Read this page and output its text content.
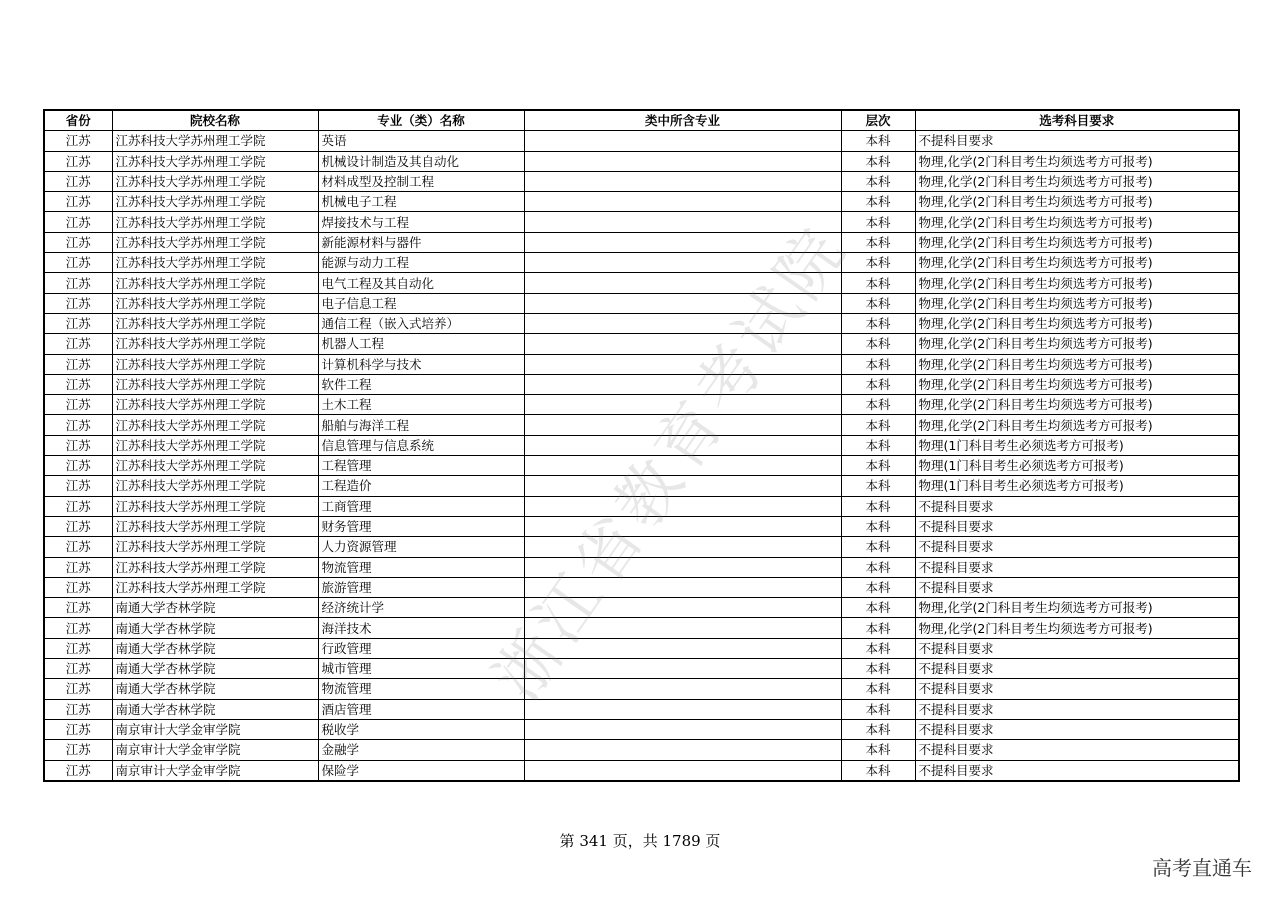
省份	院校名称	专业（类）名称	类中所含专业	层次	选考科目要求
江苏	江苏科技大学苏州理工学院	英语		本科	不提科目要求
江苏	江苏科技大学苏州理工学院	机械设计制造及其自动化		本科	物理,化学(2门科目考生均须选考方可报考)
江苏	江苏科技大学苏州理工学院	材料成型及控制工程		本科	物理,化学(2门科目考生均须选考方可报考)
江苏	江苏科技大学苏州理工学院	机械电子工程		本科	物理,化学(2门科目考生均须选考方可报考)
江苏	江苏科技大学苏州理工学院	焊接技术与工程		本科	物理,化学(2门科目考生均须选考方可报考)
江苏	江苏科技大学苏州理工学院	新能源材料与器件		本科	物理,化学(2门科目考生均须选考方可报考)
江苏	江苏科技大学苏州理工学院	能源与动力工程		本科	物理,化学(2门科目考生均须选考方可报考)
江苏	江苏科技大学苏州理工学院	电气工程及其自动化		本科	物理,化学(2门科目考生均须选考方可报考)
江苏	江苏科技大学苏州理工学院	电子信息工程		本科	物理,化学(2门科目考生均须选考方可报考)
江苏	江苏科技大学苏州理工学院	通信工程（嵌入式培养）		本科	物理,化学(2门科目考生均须选考方可报考)
江苏	江苏科技大学苏州理工学院	机器人工程		本科	物理,化学(2门科目考生均须选考方可报考)
江苏	江苏科技大学苏州理工学院	计算机科学与技术		本科	物理,化学(2门科目考生均须选考方可报考)
江苏	江苏科技大学苏州理工学院	软件工程		本科	物理,化学(2门科目考生均须选考方可报考)
江苏	江苏科技大学苏州理工学院	土木工程		本科	物理,化学(2门科目考生均须选考方可报考)
江苏	江苏科技大学苏州理工学院	船舶与海洋工程		本科	物理,化学(2门科目考生均须选考方可报考)
江苏	江苏科技大学苏州理工学院	信息管理与信息系统		本科	物理(1门科目考生必须选考方可报考)
江苏	江苏科技大学苏州理工学院	工程管理		本科	物理(1门科目考生必须选考方可报考)
江苏	江苏科技大学苏州理工学院	工程造价		本科	物理(1门科目考生必须选考方可报考)
江苏	江苏科技大学苏州理工学院	工商管理		本科	不提科目要求
江苏	江苏科技大学苏州理工学院	财务管理		本科	不提科目要求
江苏	江苏科技大学苏州理工学院	人力资源管理		本科	不提科目要求
江苏	江苏科技大学苏州理工学院	物流管理		本科	不提科目要求
江苏	江苏科技大学苏州理工学院	旅游管理		本科	不提科目要求
江苏	南通大学杏林学院	经济统计学		本科	物理,化学(2门科目考生均须选考方可报考)
江苏	南通大学杏林学院	海洋技术		本科	物理,化学(2门科目考生均须选考方可报考)
江苏	南通大学杏林学院	行政管理		本科	不提科目要求
江苏	南通大学杏林学院	城市管理		本科	不提科目要求
江苏	南通大学杏林学院	物流管理		本科	不提科目要求
江苏	南通大学杏林学院	酒店管理		本科	不提科目要求
江苏	南京审计大学金审学院	税收学		本科	不提科目要求
江苏	南京审计大学金审学院	金融学		本科	不提科目要求
江苏	南京审计大学金审学院	保险学		本科	不提科目要求
浙江省教育考试院
第 341 页，共 1789 页
高考直通车
